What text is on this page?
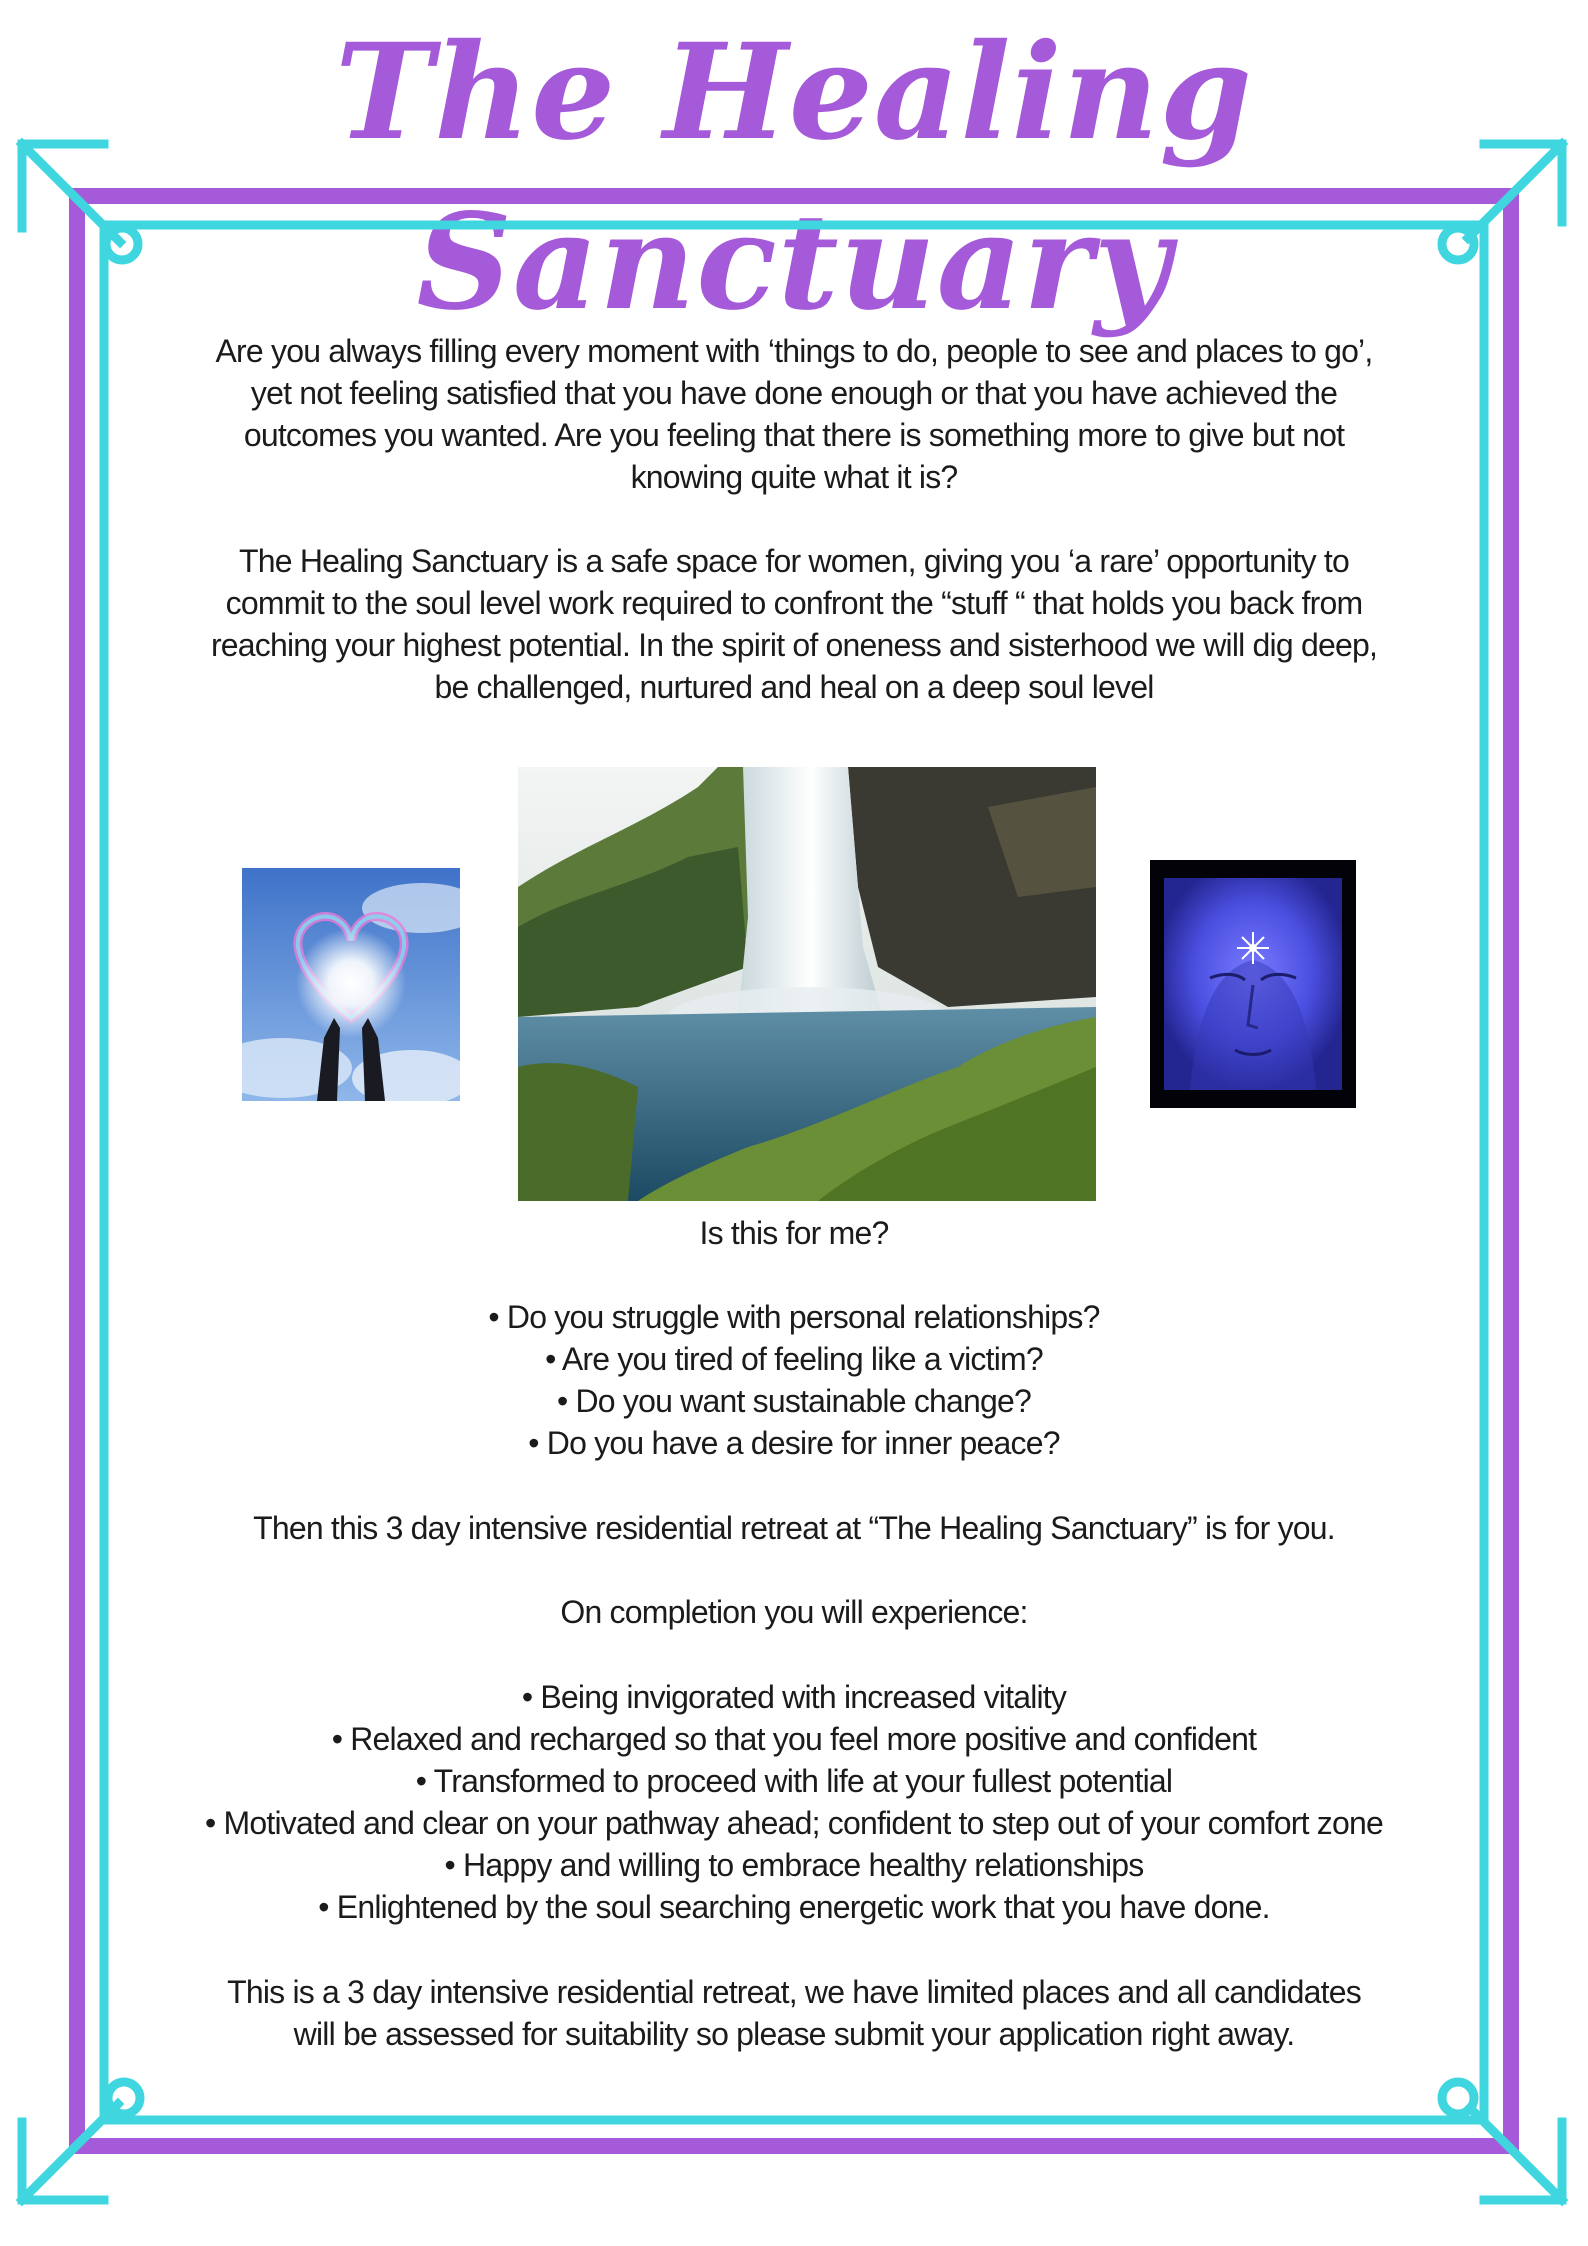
The Healing Sanctuary

Are you always filling every moment with ‘things to do, people to see and places to go’,

yet not feeling satisfied that you have done enough or that you have achieved the

outcomes you wanted. Are you feeling that there is something more to give but not

knowing quite what it is?

The Healing Sanctuary is a safe space for women, giving you ‘a rare’ opportunity to

commit to the soul level work required to confront the “stuff “ that holds you back from

reaching your highest potential. In the spirit of oneness and sisterhood we will dig deep,

be challenged, nurtured and heal on a deep soul level

Is this for me?

• Do you struggle with personal relationships?

• Are you tired of feeling like a victim?

• Do you want sustainable change?

• Do you have a desire for inner peace?

Then this 3 day intensive residential retreat at “The Healing Sanctuary” is for you.
On completion you will experience:

• Being invigorated with increased vitality

• Relaxed and recharged so that you feel more positive and confident

• Transformed to proceed with life at your fullest potential

• Motivated and clear on your pathway ahead; confident to step out of your comfort zone

• Happy and willing to embrace healthy relationships

• Enlightened by the soul searching energetic work that you have done.

This is a 3 day intensive residential retreat, we have limited places and all candidates

will be assessed for suitability so please submit your application right away.
